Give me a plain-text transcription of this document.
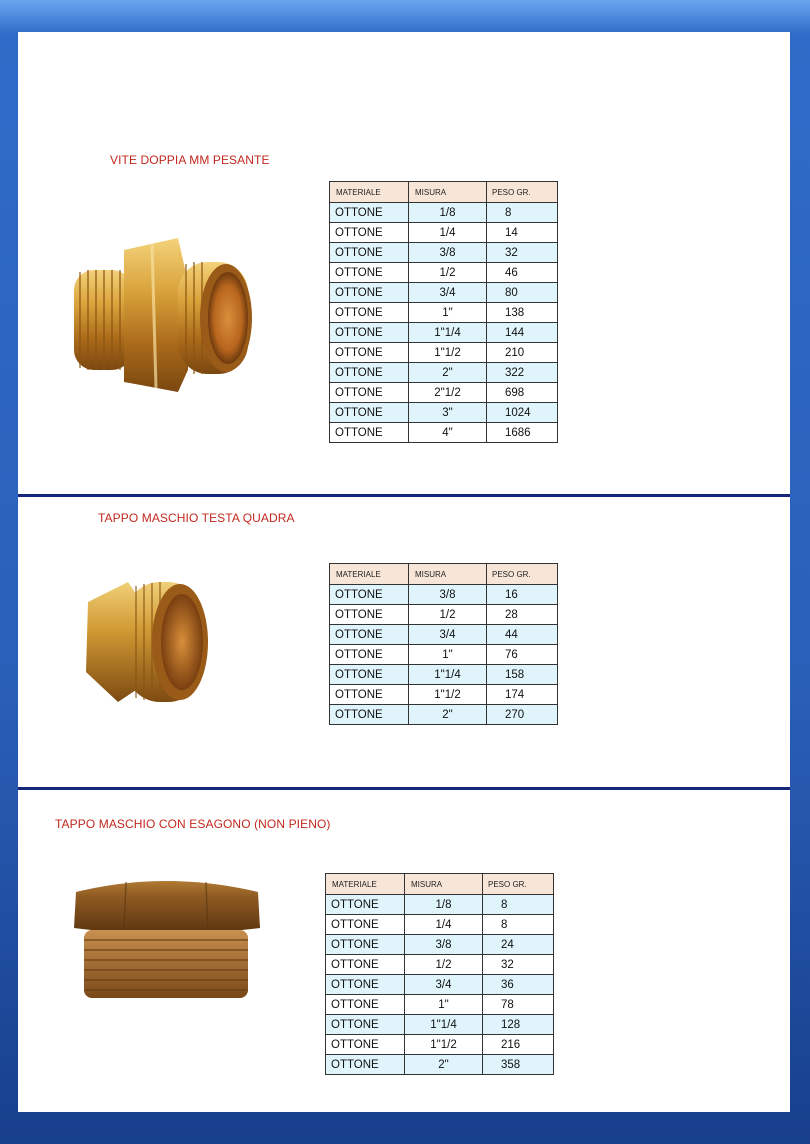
VITE DOPPIA MM PESANTE
MATERIALE	MISURA	PESO GR.
OTTONE	1/8	8
OTTONE	1/4	14
OTTONE	3/8	32
OTTONE	1/2	46
OTTONE	3/4	80
OTTONE	1"	138
OTTONE	1"1/4	144
OTTONE	1"1/2	210
OTTONE	2"	322
OTTONE	2"1/2	698
OTTONE	3"	1024
OTTONE	4"	1686
TAPPO MASCHIO TESTA QUADRA
MATERIALE	MISURA	PESO GR.
OTTONE	3/8	16
OTTONE	1/2	28
OTTONE	3/4	44
OTTONE	1"	76
OTTONE	1"1/4	158
OTTONE	1"1/2	174
OTTONE	2"	270
TAPPO MASCHIO CON ESAGONO (NON PIENO)
MATERIALE	MISURA	PESO GR.
OTTONE	1/8	8
OTTONE	1/4	8
OTTONE	3/8	24
OTTONE	1/2	32
OTTONE	3/4	36
OTTONE	1"	78
OTTONE	1"1/4	128
OTTONE	1"1/2	216
OTTONE	2"	358
